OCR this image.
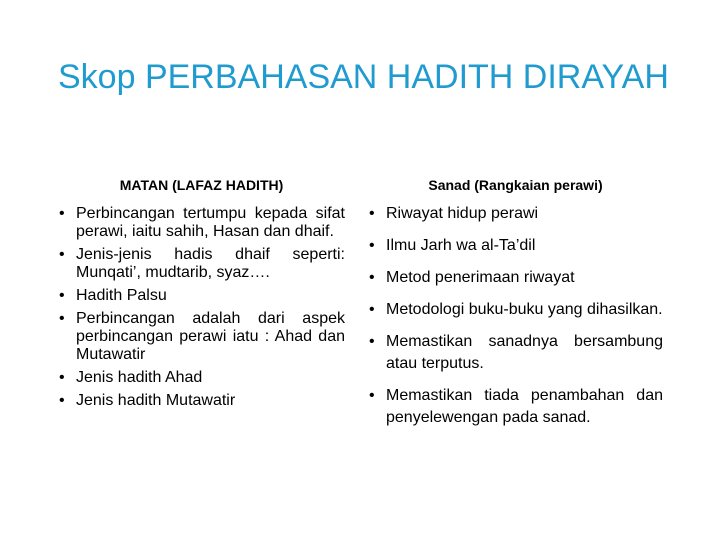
Skop PERBAHASAN HADITH DIRAYAH
MATAN (LAFAZ HADITH)
• Perbincangan tertumpu kepada sifat perawi, iaitu sahih, Hasan dan dhaif.
• Jenis-jenis hadis dhaif seperti: Munqati’, mudtarib, syaz….
• Hadith Palsu
• Perbincangan adalah dari aspek perbincangan perawi iatu : Ahad dan Mutawatir
• Jenis hadith Ahad
• Jenis hadith Mutawatir
Sanad (Rangkaian perawi)
• Riwayat hidup perawi
• Ilmu Jarh wa al-Ta’dil
• Metod penerimaan riwayat
• Metodologi buku-buku yang dihasilkan.
• Memastikan sanadnya bersambung atau terputus.
• Memastikan tiada penambahan dan penyelewengan pada sanad.
